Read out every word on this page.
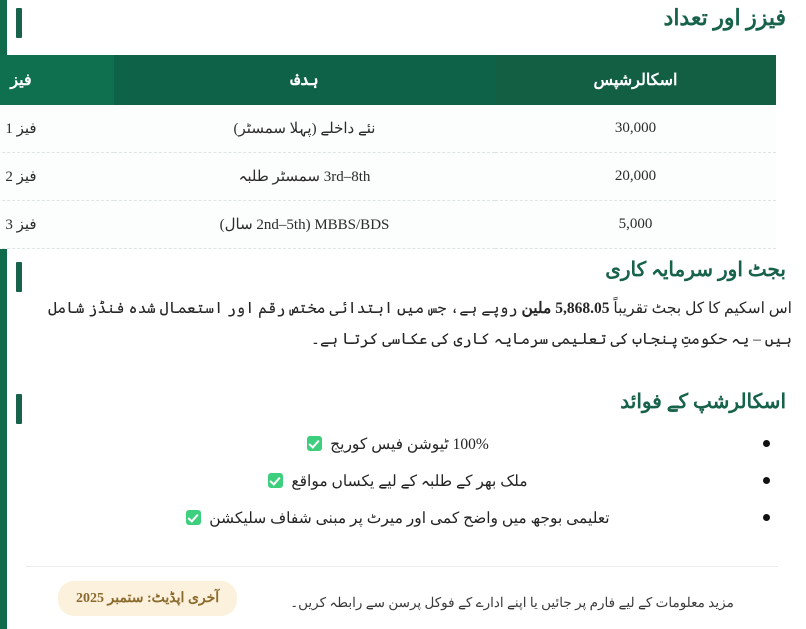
فیزز اور تعداد
اسکالرشپس	ہدف	فیز
30,000	نئے داخلے (پہلا سمسٹر)	فیز 1
20,000	3rd–8th سمسٹر طلبہ	فیز 2
5,000	MBBS/BDS (2nd–5th سال)	فیز 3
بجٹ اور سرمایہ کاری

اس اسکیم کا کل بجٹ تقریباً 5,868.05 ملین روپے ہے، جس میں ابتدائی مختص رقم اور استعمال شدہ فنڈز شامل ہیں – یہ حکومتِ پنجاب کی تعلیمی سرمایہ کاری کی عکاسی کرتا ہے۔

اسکالرشپ کے فوائد
100% ٹیوشن فیس کوریج
ملک بھر کے طلبہ کے لیے یکساں مواقع
تعلیمی بوجھ میں واضح کمی اور میرٹ پر مبنی شفاف سلیکشن
مزید معلومات کے لیے فارم پر جائیں یا اپنے ادارے کے فوکل پرسن سے رابطہ کریں۔
آخری اپڈیٹ: ستمبر 2025
